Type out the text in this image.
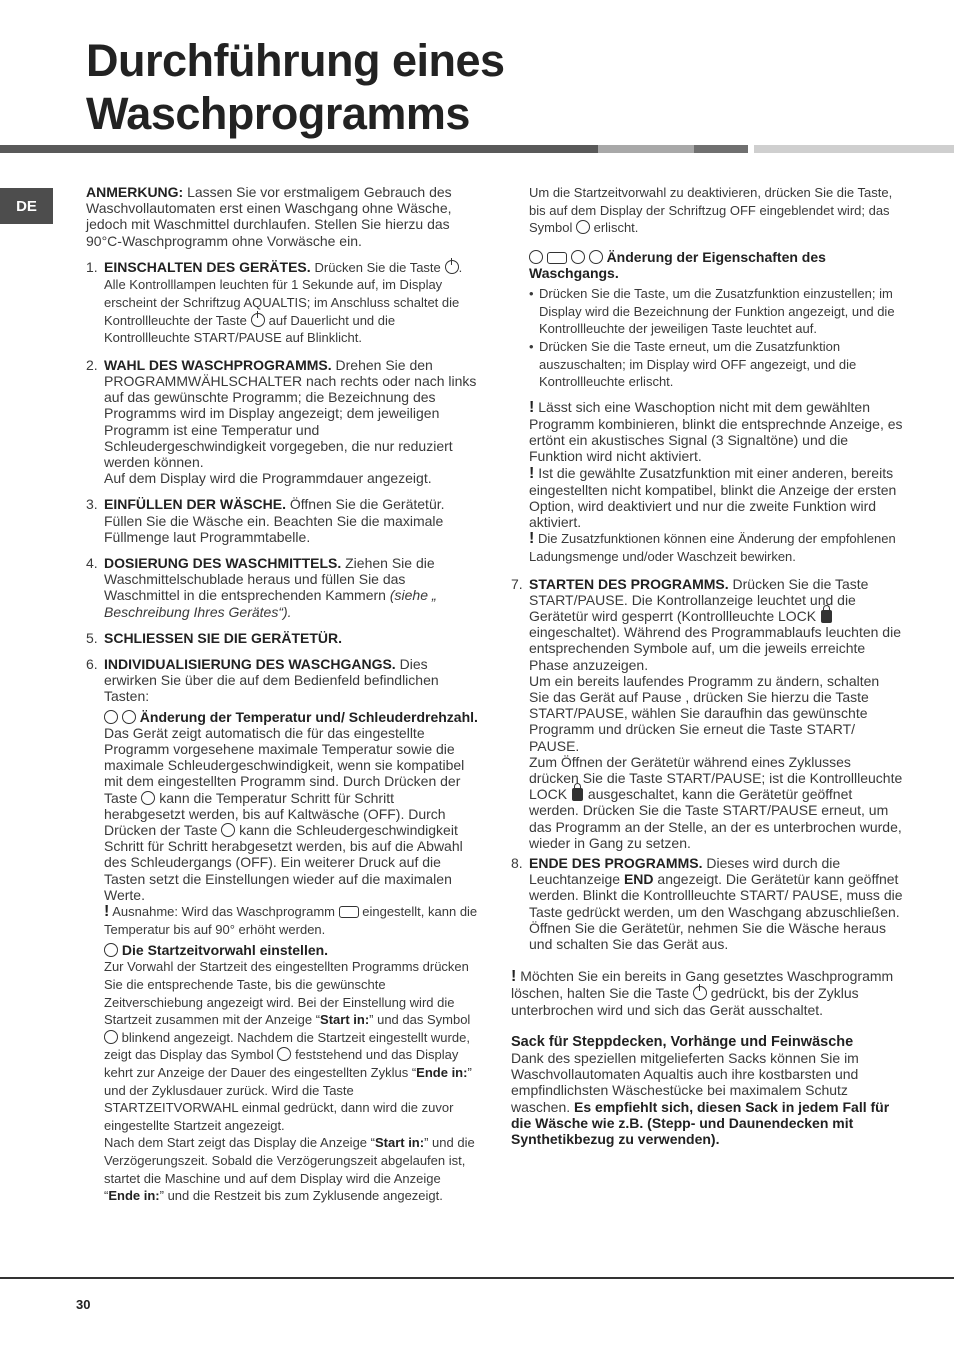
Durchführung eines
Waschprogramms
DE

ANMERKUNG: Lassen Sie vor erstmaligem Gebrauch des Waschvollautomaten erst einen Waschgang ohne Wäsche, jedoch mit Waschmittel durchlaufen. Stellen Sie hierzu das 90°C-Waschprogramm ohne Vorwäsche ein.

1. EINSCHALTEN DES GERÄTES. Drücken Sie die Taste . Alle Kontrolllampen leuchten für 1 Sekunde auf, im Display erscheint der Schriftzug AQUALTIS; im Anschluss schaltet die Kontrollleuchte der Taste auf Dauerlicht und die Kontrollleuchte START/PAUSE auf Blinklicht.
2. WAHL DES WASCHPROGRAMMS. Drehen Sie den PROGRAMMWÄHLSCHALTER nach rechts oder nach links auf das gewünschte Programm; die Bezeichnung des Programms wird im Display angezeigt; dem jeweiligen Programm ist eine Temperatur und Schleudergeschwindigkeit vorgegeben, die nur reduziert werden können.
Auf dem Display wird die Programmdauer angezeigt.
3. EINFÜLLEN DER WÄSCHE. Öffnen Sie die Gerätetür. Füllen Sie die Wäsche ein. Beachten Sie die maximale Füllmenge laut Programmtabelle.
4. DOSIERUNG DES WASCHMITTELS. Ziehen Sie die Waschmittelschublade heraus und füllen Sie das Waschmittel in die entsprechenden Kammern (siehe „ Beschreibung Ihres Gerätes“).
5. SCHLIESSEN SIE DIE GERÄTETÜR.
6. INDIVIDUALISIERUNG DES WASCHGANGS. Dies erwirken Sie über die auf dem Bedienfeld befindlichen Tasten:
Änderung der Temperatur und/ Schleuderdrehzahl.
Das Gerät zeigt automatisch die für das eingestellte Programm vorgesehene maximale Temperatur sowie die maximale Schleudergeschwindigkeit, wenn sie kompatibel mit dem eingestellten Programm sind. Durch Drücken der Taste kann die Temperatur Schritt für Schritt herabgesetzt werden, bis auf Kaltwäsche (OFF). Durch Drücken der Taste kann die Schleudergeschwindigkeit Schritt für Schritt herabgesetzt werden, bis auf die Abwahl des Schleudergangs (OFF). Ein weiterer Druck auf die Tasten setzt die Einstellungen wieder auf die maximalen Werte.
! Ausnahme: Wird das Waschprogramm eingestellt, kann die Temperatur bis auf 90° erhöht werden.
Die Startzeitvorwahl einstellen.
Zur Vorwahl der Startzeit des eingestellten Programms drücken Sie die entsprechende Taste, bis die gewünschte Zeitverschiebung angezeigt wird. Bei der Einstellung wird die Startzeit zusammen mit der Anzeige “Start in:” und das Symbol  blinkend angezeigt. Nachdem die Startzeit eingestellt wurde, zeigt das Display das Symbol feststehend und das Display kehrt zur Anzeige der Dauer des eingestellten Zyklus “Ende in:” und der Zyklusdauer zurück. Wird die Taste STARTZEITVORWAHL einmal gedrückt, dann wird die zuvor eingestellte Startzeit angezeigt.
Nach dem Start zeigt das Display die Anzeige “Start in:” und die Verzögerungszeit. Sobald die Verzögerungszeit abgelaufen ist, startet die Maschine und auf dem Display wird die Anzeige “Ende in:” und die Restzeit bis zum Zyklusende angezeigt.
Um die Startzeitvorwahl zu deaktivieren, drücken Sie die Taste, bis auf dem Display der Schriftzug OFF eingeblendet wird; das Symbol erlischt.
Änderung der Eigenschaften des Waschgangs.
• Drücken Sie die Taste, um die Zusatzfunktion einzustellen; im Display wird die Bezeichnung der Funktion angezeigt, und die Kontrollleuchte der jeweiligen Taste leuchtet auf.
• Drücken Sie die Taste erneut, um die Zusatzfunktion auszuschalten; im Display wird OFF angezeigt, und die Kontrollleuchte erlischt.
! Lässt sich eine Waschoption nicht mit dem gewählten Programm kombinieren, blinkt die entsprechnde Anzeige, es ertönt ein akustisches Signal (3 Signaltöne) und die Funktion wird nicht aktiviert.
! Ist die gewählte Zusatzfunktion mit einer anderen, bereits eingestellten nicht kompatibel, blinkt die Anzeige der ersten Option, wird deaktiviert und nur die zweite Funktion wird aktiviert.
! Die Zusatzfunktionen können eine Änderung der empfohlenen Ladungsmenge und/oder Waschzeit bewirken.
7. STARTEN DES PROGRAMMS. Drücken Sie die Taste START/PAUSE. Die Kontrollanzeige leuchtet und die Gerätetür wird gesperrt (Kontrollleuchte LOCK  eingeschaltet). Während des Programmablaufs leuchten die entsprechenden Symbole auf, um die jeweils erreichte Phase anzuzeigen.
Um ein bereits laufendes Programm zu ändern, schalten Sie das Gerät auf Pause , drücken Sie hierzu die Taste START/PAUSE, wählen Sie daraufhin das gewünschte Programm und drücken Sie erneut die Taste START/ PAUSE.
Zum Öffnen der Gerätetür während eines Zyklusses drücken Sie die Taste START/PAUSE; ist die Kontrollleuchte LOCK ausgeschaltet, kann die Gerätetür geöffnet werden. Drücken Sie die Taste START/PAUSE erneut, um das Programm an der Stelle, an der es unterbrochen wurde, wieder in Gang zu setzen.
8. ENDE DES PROGRAMMS. Dieses wird durch die Leuchtanzeige END angezeigt. Die Gerätetür kann geöffnet werden. Blinkt die Kontrollleuchte START/ PAUSE, muss die Taste gedrückt werden, um den Waschgang abzuschließen. Öffnen Sie die Gerätetür, nehmen Sie die Wäsche heraus und schalten Sie das Gerät aus.
! Möchten Sie ein bereits in Gang gesetztes Waschprogramm löschen, halten Sie die Taste gedrückt, bis der Zyklus unterbrochen wird und sich das Gerät ausschaltet.
Sack für Steppdecken, Vorhänge und Feinwäsche
Dank des speziellen mitgelieferten Sacks können Sie im Waschvollautomaten Aqualtis auch ihre kostbarsten und empfindlichsten Wäschestücke bei maximalem Schutz waschen. Es empfiehlt sich, diesen Sack in jedem Fall für die Wäsche wie z.B. (Stepp- und Daunendecken mit Synthetikbezug zu verwenden).
30
